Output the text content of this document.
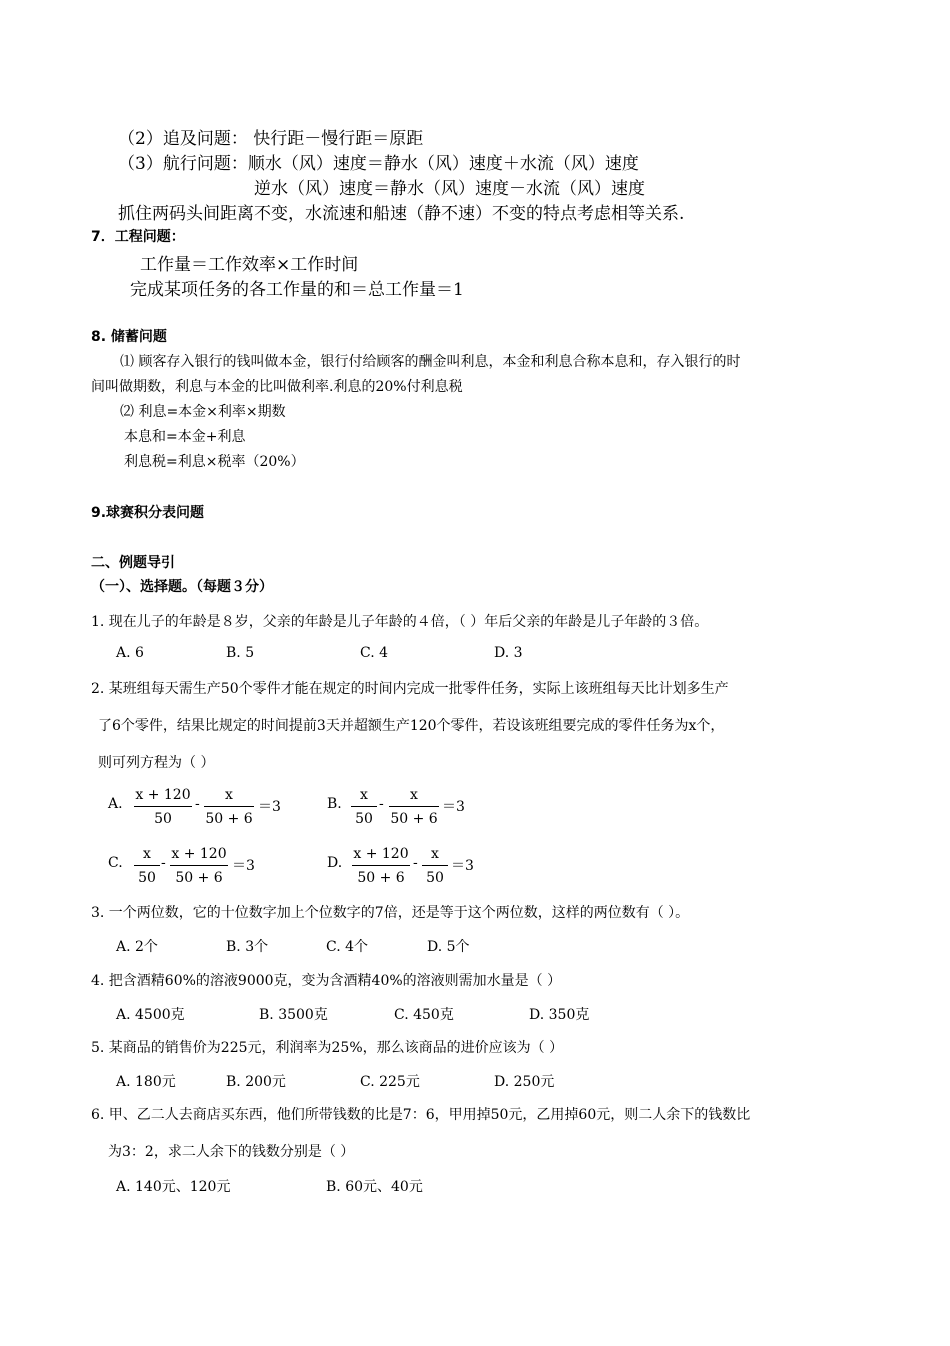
（2）追及问题： 快行距－慢行距＝原距
（3）航行问题：顺水（风）速度＝静水（风）速度＋水流（风）速度
逆水（风）速度＝静水（风）速度－水流（风）速度
抓住两码头间距离不变，水流速和船速（静不速）不变的特点考虑相等关系.
7．工程问题：
工作量＝工作效率×工作时间
完成某项任务的各工作量的和＝总工作量＝1
8. 储蓄问题
⑴ 顾客存入银行的钱叫做本金，银行付给顾客的酬金叫利息，本金和利息合称本息和，存入银行的时
间叫做期数，利息与本金的比叫做利率.利息的20%付利息税
⑵ 利息=本金×利率×期数
本息和=本金+利息
利息税=利息×税率（20%）
9.球赛积分表问题
二、例题导引
（一）、选择题。（每题３分）
1. 现在儿子的年龄是８岁，父亲的年龄是儿子年龄的４倍，（ ）年后父亲的年龄是儿子年龄的３倍。
A. 6	B. 5	C. 4	D. 3
2. 某班组每天需生产50个零件才能在规定的时间内完成一批零件任务，实际上该班组每天比计划多生产
了6个零件，结果比规定的时间提前3天并超额生产120个零件，若设该班组要完成的零件任务为x个，
则可列方程为（ ）
A.
x + 120
50
-
x
50 + 6
＝3	B.
x
50
-
x
50 + 6
＝3
C.
x
50
-
x + 120
50 + 6
＝3	D.
x + 120
50 + 6
-
x
50
＝3
3. 一个两位数，它的十位数字加上个位数字的7倍，还是等于这个两位数，这样的两位数有（ ）。
A. 2个	B. 3个	C. 4个	D. 5个
4. 把含酒精60%的溶液9000克，变为含酒精40%的溶液则需加水量是（ ）
A. 4500克	B. 3500克	C. 450克	D. 350克
5. 某商品的销售价为225元，利润率为25%，那么该商品的进价应该为（ ）
A. 180元	B. 200元	C. 225元	D. 250元
6. 甲、乙二人去商店买东西，他们所带钱数的比是7：6，甲用掉50元，乙用掉60元，则二人余下的钱数比
为3：2，求二人余下的钱数分别是（ ）
A. 140元、120元	B. 60元、40元
